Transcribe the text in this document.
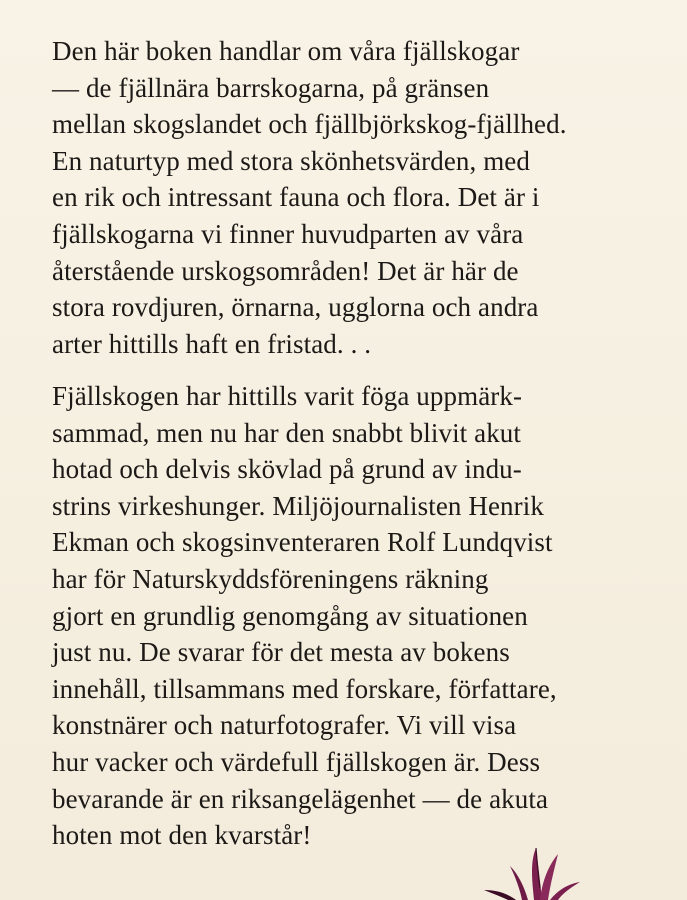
Den här boken handlar om våra fjällskogar
— de fjällnära barrskogarna, på gränsen
mellan skogslandet och fjällbjörkskog-fjällhed.
En naturtyp med stora skönhetsvärden, med
en rik och intressant fauna och flora. Det är i
fjällskogarna vi finner huvudparten av våra
återstående urskogsområden! Det är här de
stora rovdjuren, örnarna, ugglorna och andra
arter hittills haft en fristad. . .

Fjällskogen har hittills varit föga uppmärk-
sammad, men nu har den snabbt blivit akut
hotad och delvis skövlad på grund av indu-
strins virkeshunger. Miljöjournalisten Henrik
Ekman och skogsinventeraren Rolf Lundqvist
har för Naturskyddsföreningens räkning
gjort en grundlig genomgång av situationen
just nu. De svarar för det mesta av bokens
innehåll, tillsammans med forskare, författare,
konstnärer och naturfotografer. Vi vill visa
hur vacker och värdefull fjällskogen är. Dess
bevarande är en riksangelägenhet — de akuta
hoten mot den kvarstår!
